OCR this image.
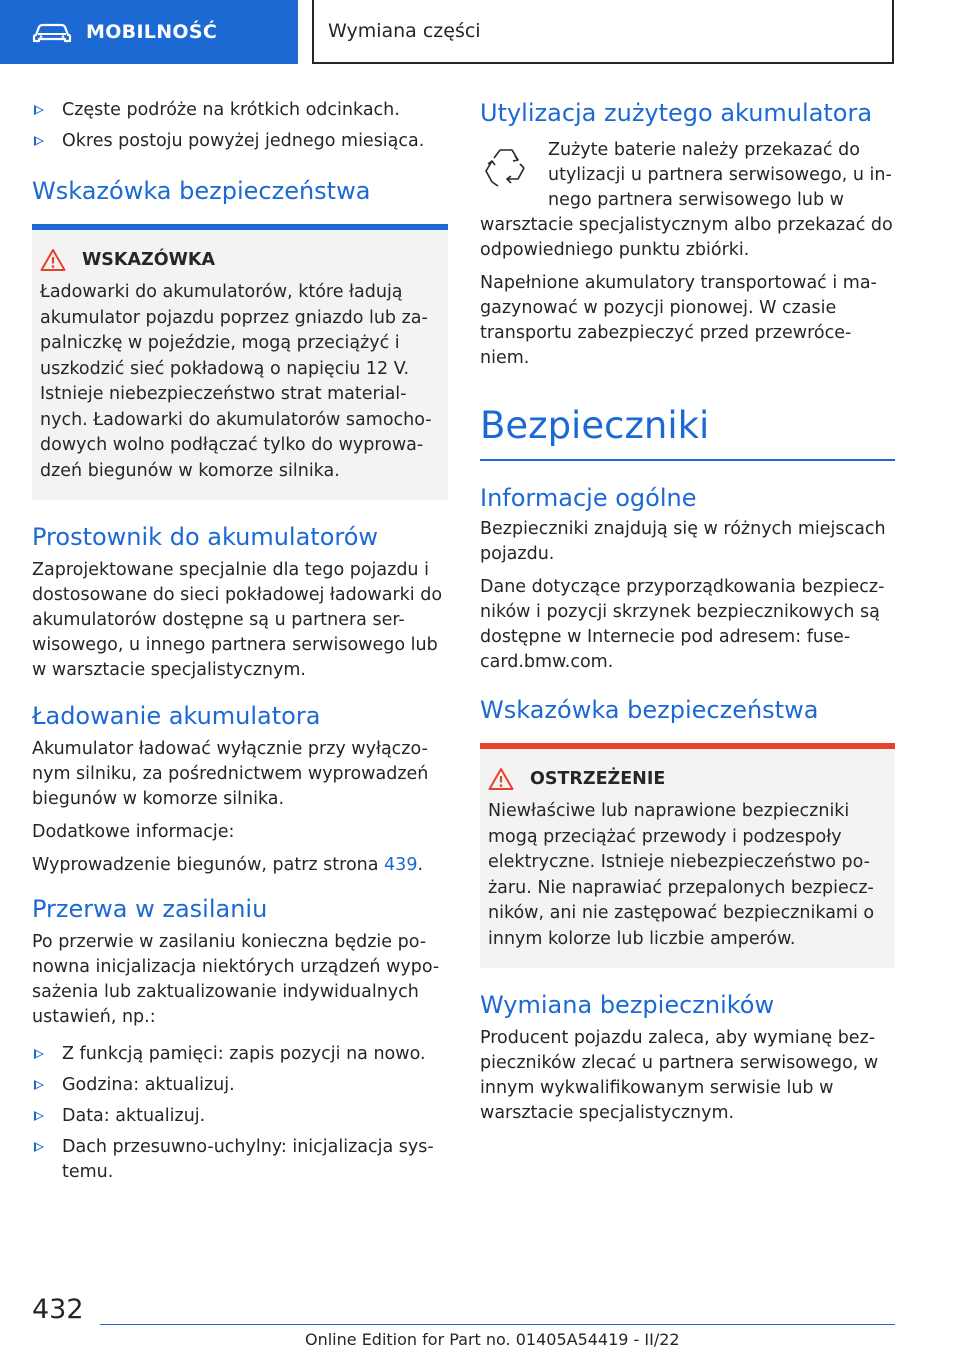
MOBILNOŚĆ	Wymiana części
Częste podróże na krótkich odcinkach.
Okres postoju powyżej jednego miesiąca.
Wskazówka bezpieczeństwa
WSKAZÓWKA

Ładowarki do akumulatorów, które ładują akumulator pojazdu poprzez gniazdo lub za-palniczkę w pojeździe, mogą przeciążyć i uszkodzić sieć pokładową o napięciu 12 V. Istnieje niebezpieczeństwo strat material-nych. Ładowarki do akumulatorów samocho-dowych wolno podłączać tylko do wyprowa-dzeń biegunów w komorze silnika.

Prostownik do akumulatorów

Zaprojektowane specjalnie dla tego pojazdu i dostosowane do sieci pokładowej ładowarki do akumulatorów dostępne są u partnera ser-wisowego, u innego partnera serwisowego lub w warsztacie specjalistycznym.

Ładowanie akumulatora

Akumulator ładować wyłącznie przy wyłączo-nym silniku, za pośrednictwem wyprowadzeń biegunów w komorze silnika.

Dodatkowe informacje:

Wyprowadzenie biegunów, patrz strona 439.

Przerwa w zasilaniu

Po przerwie w zasilaniu konieczna będzie po-nowna inicjalizacja niektórych urządzeń wypo-sażenia lub zaktualizowanie indywidualnych ustawień, np.:

Z funkcją pamięci: zapis pozycji na nowo.
Godzina: aktualizuj.
Data: aktualizuj.
Dach przesuwno-uchylny: inicjalizacja sys-temu.
Utylizacja zużytego akumulatora

Zużyte baterie należy przekazać do utylizacji u partnera serwisowego, u in-nego partnera serwisowego lub w warsztacie specjalistycznym albo przekazać do odpowiedniego punktu zbiórki.

Napełnione akumulatory transportować i ma-gazynować w pozycji pionowej. W czasie transportu zabezpieczyć przed przewróce-niem.

Bezpieczniki
Informacje ogólne

Bezpieczniki znajdują się w różnych miejscach pojazdu.

Dane dotyczące przyporządkowania bezpiecz-ników i pozycji skrzynek bezpiecznikowych są dostępne w Internecie pod adresem: fuse-card.bmw.com.

Wskazówka bezpieczeństwa
OSTRZEŻENIE

Niewłaściwe lub naprawione bezpieczniki mogą przeciążać przewody i podzespoły elektryczne. Istnieje niebezpieczeństwo po-żaru. Nie naprawiać przepalonych bezpiecz-ników, ani nie zastępować bezpiecznikami o innym kolorze lub liczbie amperów.

Wymiana bezpieczników

Producent pojazdu zaleca, aby wymianę bez-pieczników zlecać u partnera serwisowego, w innym wykwalifikowanym serwisie lub w warsztacie specjalistycznym.

432
Online Edition for Part no. 01405A54419 - II/22
